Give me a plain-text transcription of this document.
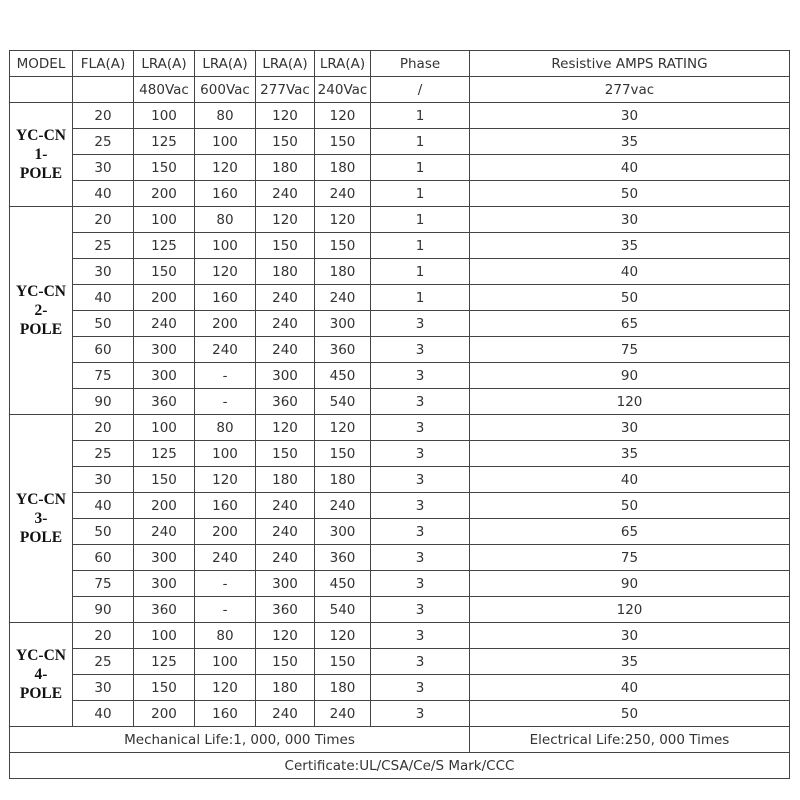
MODEL	FLA(A)	LRA(A)	LRA(A)	LRA(A)	LRA(A)	Phase	Resistive AMPS RATING
		480Vac	600Vac	277Vac	240Vac	/	277vac

YC-CN
1-
POLE	20	100	80	120	120	1	30
	25	125	100	150	150	1	35
	30	150	120	180	180	1	40
	40	200	160	240	240	1	50

YC-CN
2-
POLE	20	100	80	120	120	1	30
	25	125	100	150	150	1	35
	30	150	120	180	180	1	40
	40	200	160	240	240	1	50
	50	240	200	240	300	3	65
	60	300	240	240	360	3	75
	75	300	-	300	450	3	90
	90	360	-	360	540	3	120

YC-CN
3-
POLE	20	100	80	120	120	3	30
	25	125	100	150	150	3	35
	30	150	120	180	180	3	40
	40	200	160	240	240	3	50
	50	240	200	240	300	3	65
	60	300	240	240	360	3	75
	75	300	-	300	450	3	90
	90	360	-	360	540	3	120

YC-CN
4-
POLE	20	100	80	120	120	3	30
	25	125	100	150	150	3	35
	30	150	120	180	180	3	40
	40	200	160	240	240	3	50
Mechanical Life:1, 000, 000 Times							Electrical Life:250, 000 Times
Certificate:UL/CSA/Ce/S Mark/CCC							
